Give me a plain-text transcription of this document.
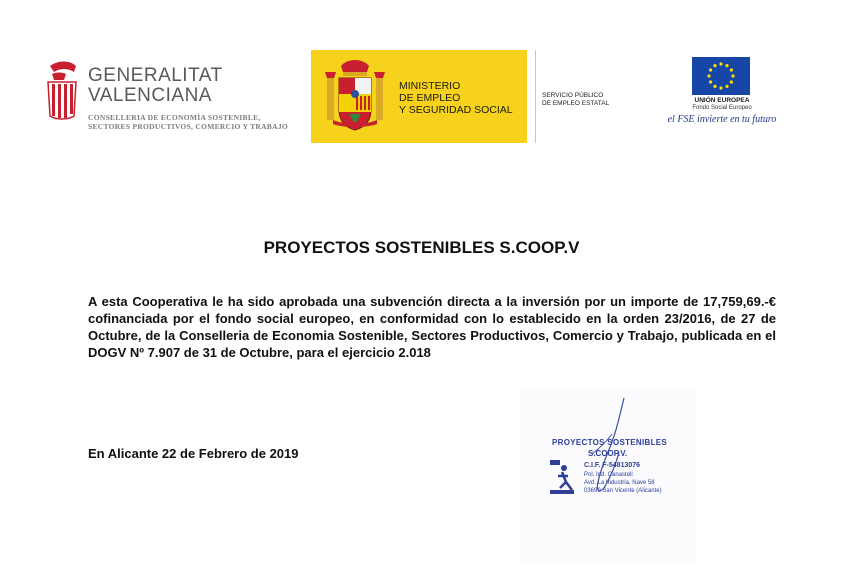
GENERALITAT
VALENCIANA
CONSELLERIA DE ECONOMÍA SOSTENIBLE,
SECTORES PRODUCTIVOS, COMERCIO Y TRABAJO
MINISTERIO
DE EMPLEO
Y SEGURIDAD SOCIAL
SERVICIO PÚBLICO
DE EMPLEO ESTATAL	UNIÓN EUROPEA
Fondo Social Europeo
el FSE invierte en tu futuro
PROYECTOS SOSTENIBLES S.COOP.V
A esta Cooperativa le ha sido aprobada una subvención directa a la inversión por un importe de 17,759,69.-€ cofinanciada por el fondo social europeo, en conformidad con lo establecido en la orden 23/2016, de 27 de Octubre, de la Conselleria de Economia Sostenible, Sectores Productivos, Comercio y Trabajo, publicada en el DOGV Nº 7.907 de 31 de Octubre, para el ejercicio 2.018
En Alicante 22 de Febrero de 2019
PROYECTOS SOSTENIBLES
S.COOP.V.
C.I.F. F-54813076
Pol. Ind. Canastell
Avd. La Industria, Nave 58
03690 San Vicente (Alicante)
